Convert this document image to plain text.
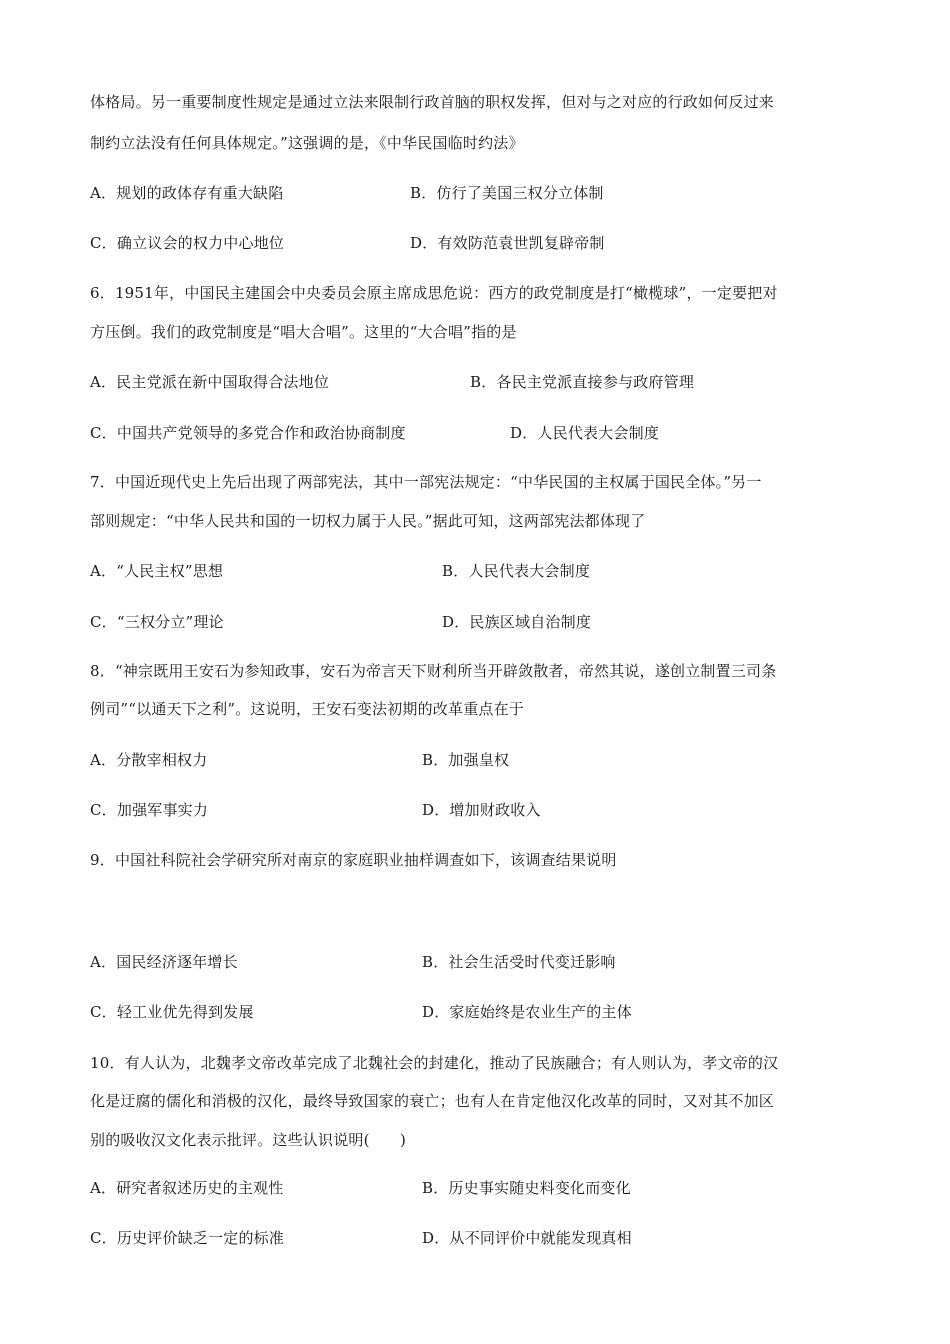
体格局。另一重要制度性规定是通过立法来限制行政首脑的职权发挥，但对与之对应的行政如何反过来
制约立法没有任何具体规定。”这强调的是，《中华民国临时约法》
A．规划的政体存有重大缺陷	B．仿行了美国三权分立体制
C．确立议会的权力中心地位	D．有效防范袁世凯复辟帝制
6．1951年，中国民主建国会中央委员会原主席成思危说：西方的政党制度是打“橄榄球”，一定要把对
方压倒。我们的政党制度是“唱大合唱”。这里的“大合唱”指的是
A．民主党派在新中国取得合法地位	B．各民主党派直接参与政府管理
C．中国共产党领导的多党合作和政治协商制度	D．人民代表大会制度
7．中国近现代史上先后出现了两部宪法，其中一部宪法规定：“中华民国的主权属于国民全体。”另一
部则规定：“中华人民共和国的一切权力属于人民。”据此可知，这两部宪法都体现了
A．“人民主权”思想	B．人民代表大会制度
C．“三权分立”理论	D．民族区域自治制度
8．“神宗既用王安石为参知政事，安石为帝言天下财利所当开辟敛散者，帝然其说，遂创立制置三司条
例司”“以通天下之利”。这说明，王安石变法初期的改革重点在于
A．分散宰相权力	B．加强皇权
C．加强军事实力	D．增加财政收入
9．中国社科院社会学研究所对南京的家庭职业抽样调查如下，该调查结果说明
A．国民经济逐年增长	B．社会生活受时代变迁影响
C．轻工业优先得到发展	D．家庭始终是农业生产的主体
10．有人认为，北魏孝文帝改革完成了北魏社会的封建化，推动了民族融合；有人则认为，孝文帝的汉
化是迂腐的儒化和消极的汉化，最终导致国家的衰亡；也有人在肯定他汉化改革的同时，又对其不加区
别的吸收汉文化表示批评。这些认识说明(　　)
A．研究者叙述历史的主观性	B．历史事实随史料变化而变化
C．历史评价缺乏一定的标准	D．从不同评价中就能发现真相
